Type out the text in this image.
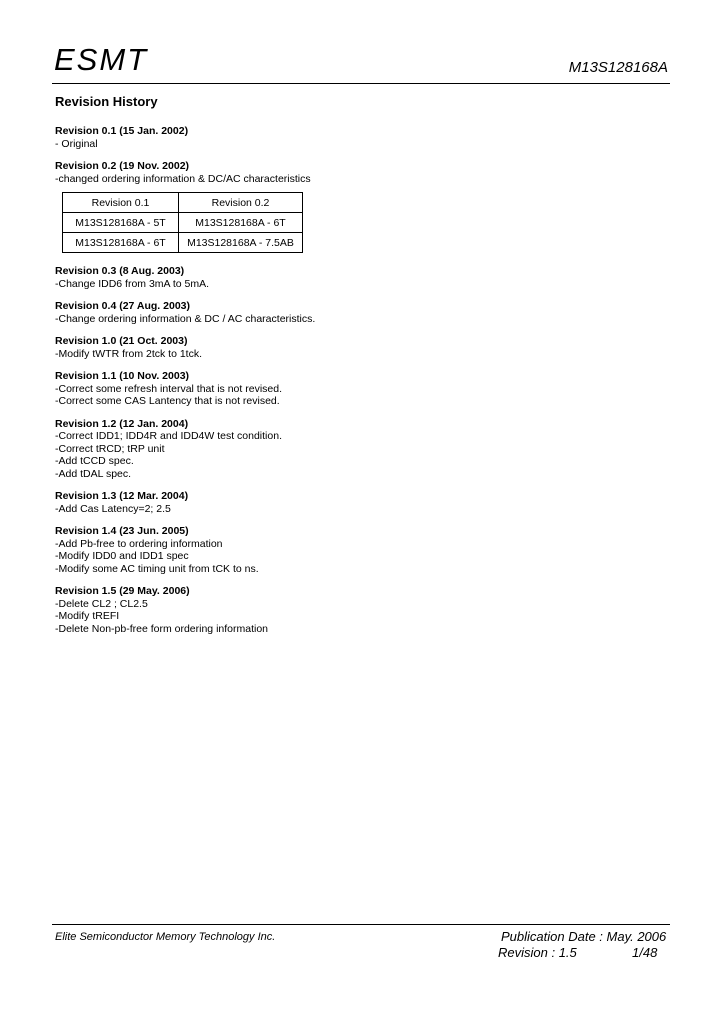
ESMT	M13S128168A
Revision History
Revision 0.1 (15 Jan. 2002)
- Original
Revision 0.2 (19 Nov. 2002)
-changed ordering information & DC/AC characteristics
Revision 0.1	Revision 0.2
M13S128168A - 5T	M13S128168A - 6T
M13S128168A - 6T	M13S128168A - 7.5AB
Revision 0.3 (8 Aug. 2003)
-Change IDD6 from 3mA to 5mA.
Revision 0.4 (27 Aug. 2003)
-Change ordering information & DC / AC characteristics.
Revision 1.0 (21 Oct. 2003)
-Modify tWTR from 2tck to 1tck.
Revision 1.1 (10 Nov. 2003)
-Correct some refresh interval that is not revised.
-Correct some CAS Lantency that is not revised.
Revision 1.2 (12 Jan. 2004)
-Correct IDD1; IDD4R and IDD4W test condition.
-Correct tRCD; tRP unit
-Add tCCD spec.
-Add tDAL spec.
Revision 1.3 (12 Mar. 2004)
-Add Cas Latency=2; 2.5
Revision 1.4 (23 Jun. 2005)
-Add Pb-free to ordering information
-Modify IDD0 and IDD1 spec
-Modify some AC timing unit from tCK to ns.
Revision 1.5 (29 May. 2006)
-Delete CL2 ; CL2.5
-Modify tREFI
-Delete Non-pb-free form ordering information
Elite Semiconductor Memory Technology Inc.	Publication Date : May. 2006
Revision : 1.5	1/48
